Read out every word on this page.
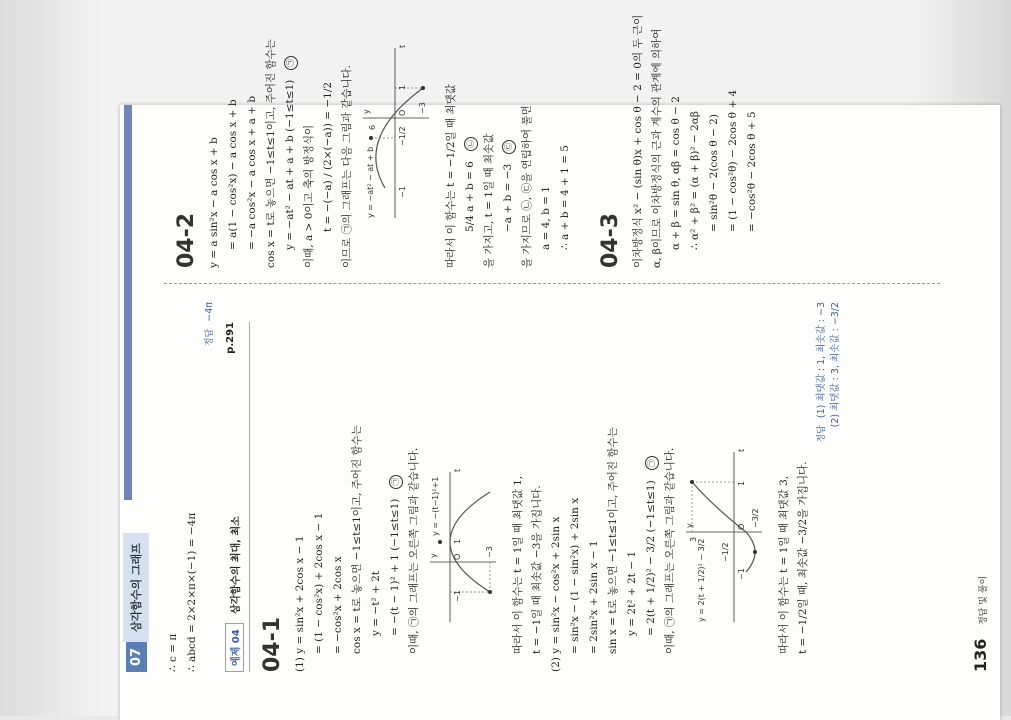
07
삼각함수의 그래프
∴ c = π ∴ abcd = 2×2×π×(−1) = −4π
정답 −4π
예제 04 삼각함수의 최대, 최소
p.291
04-1 (1) y = sin²x + 2cos x − 1 = (1 − cos²x) + 2cos x − 1 = −cos²x + 2cos x cos x = t로 놓으면 −1≤t≤1이고, 주어진 함수는 y = −t² + 2t = −(t − 1)² + 1 (−1≤t≤1)㉠ 이때, ㉠의 그래프는 오른쪽 그림과 같습니다.	t
y
−1
O
1
−3
y = −(t−1)²+1	따라서 이 함수는 t = 1일 때 최댓값 1, t = −1일 때 최솟값 −3을 가집니다. (2) y = sin²x − cos²x + 2sin x = sin²x − (1 − sin²x) + 2sin x = 2sin²x + 2sin x − 1 sin x = t로 놓으면 −1≤t≤1이고, 주어진 함수는 y = 2t² + 2t − 1 = 2(t + 1/2)² − 3/2 (−1≤t≤1)㉠ 이때, ㉠의 그래프는 오른쪽 그림과 같습니다.	t
y
−1
−1/2
O
1
3
−3/2
y = 2(t + 1/2)² − 3/2	따라서 이 함수는 t = 1일 때 최댓값 3, t = −1/2일 때, 최솟값 −3/2을 가집니다.
정답 (1) 최댓값 : 1, 최솟값 : −3 (2) 최댓값 : 3, 최솟값 : −3/2
04-2 y = a sin²x − a cos x + b = a(1 − cos²x) − a cos x + b = −a cos²x − a cos x + a + b cos x = t로 놓으면 −1≤t≤1이고, 주어진 함수는 y = −at² − at + a + b (−1≤t≤1)㉠
이때, a > 0이고 축의 방정식이 t = −(−a) / (2×(−a)) = −1/2 이므로 ㉠의 그래프는 다음 그림과 같습니다.
t
y
−1
−1/2
O
1
6
−3
y = −at² − at + b	따라서 이 함수는 t = −1/2일 때 최댓값 5/4 a + b = 6㉡ 을 가지고, t = 1일 때 최솟값 −a + b = −3㉢ 을 가지므로 ㉡, ㉢을 연립하여 풀면 a = 4, b = 1 ∴ a + b = 4 + 1 = 5 04-3 이차방정식 x² − (sin θ)x + cos θ − 2 = 0의 두 근이 α, β이므로 이차방정식의 근과 계수의 관계에 의하여 α + β = sin θ, αβ = cos θ − 2 ∴ α² + β² = (α + β)² − 2αβ = sin²θ − 2(cos θ − 2) = (1 − cos²θ) − 2cos θ + 4 = −cos²θ − 2cos θ + 5
136 정답 및 풀이
